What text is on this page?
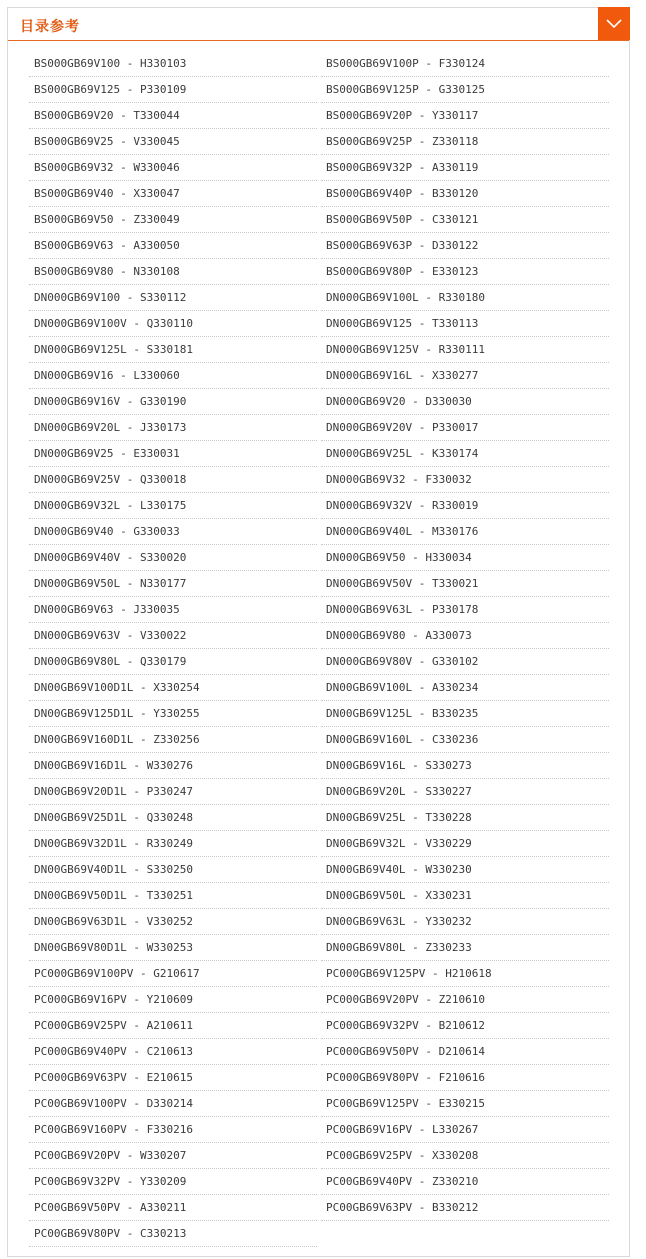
目录参考
BS000GB69V100 - H330103	BS000GB69V100P - F330124
BS000GB69V125 - P330109	BS000GB69V125P - G330125
BS000GB69V20 - T330044	BS000GB69V20P - Y330117
BS000GB69V25 - V330045	BS000GB69V25P - Z330118
BS000GB69V32 - W330046	BS000GB69V32P - A330119
BS000GB69V40 - X330047	BS000GB69V40P - B330120
BS000GB69V50 - Z330049	BS000GB69V50P - C330121
BS000GB69V63 - A330050	BS000GB69V63P - D330122
BS000GB69V80 - N330108	BS000GB69V80P - E330123
DN000GB69V100 - S330112	DN000GB69V100L - R330180
DN000GB69V100V - Q330110	DN000GB69V125 - T330113
DN000GB69V125L - S330181	DN000GB69V125V - R330111
DN000GB69V16 - L330060	DN000GB69V16L - X330277
DN000GB69V16V - G330190	DN000GB69V20 - D330030
DN000GB69V20L - J330173	DN000GB69V20V - P330017
DN000GB69V25 - E330031	DN000GB69V25L - K330174
DN000GB69V25V - Q330018	DN000GB69V32 - F330032
DN000GB69V32L - L330175	DN000GB69V32V - R330019
DN000GB69V40 - G330033	DN000GB69V40L - M330176
DN000GB69V40V - S330020	DN000GB69V50 - H330034
DN000GB69V50L - N330177	DN000GB69V50V - T330021
DN000GB69V63 - J330035	DN000GB69V63L - P330178
DN000GB69V63V - V330022	DN000GB69V80 - A330073
DN000GB69V80L - Q330179	DN000GB69V80V - G330102
DN00GB69V100D1L - X330254	DN00GB69V100L - A330234
DN00GB69V125D1L - Y330255	DN00GB69V125L - B330235
DN00GB69V160D1L - Z330256	DN00GB69V160L - C330236
DN00GB69V16D1L - W330276	DN00GB69V16L - S330273
DN00GB69V20D1L - P330247	DN00GB69V20L - S330227
DN00GB69V25D1L - Q330248	DN00GB69V25L - T330228
DN00GB69V32D1L - R330249	DN00GB69V32L - V330229
DN00GB69V40D1L - S330250	DN00GB69V40L - W330230
DN00GB69V50D1L - T330251	DN00GB69V50L - X330231
DN00GB69V63D1L - V330252	DN00GB69V63L - Y330232
DN00GB69V80D1L - W330253	DN00GB69V80L - Z330233
PC000GB69V100PV - G210617	PC000GB69V125PV - H210618
PC000GB69V16PV - Y210609	PC000GB69V20PV - Z210610
PC000GB69V25PV - A210611	PC000GB69V32PV - B210612
PC000GB69V40PV - C210613	PC000GB69V50PV - D210614
PC000GB69V63PV - E210615	PC000GB69V80PV - F210616
PC00GB69V100PV - D330214	PC00GB69V125PV - E330215
PC00GB69V160PV - F330216	PC00GB69V16PV - L330267
PC00GB69V20PV - W330207	PC00GB69V25PV - X330208
PC00GB69V32PV - Y330209	PC00GB69V40PV - Z330210
PC00GB69V50PV - A330211	PC00GB69V63PV - B330212
PC00GB69V80PV - C330213
